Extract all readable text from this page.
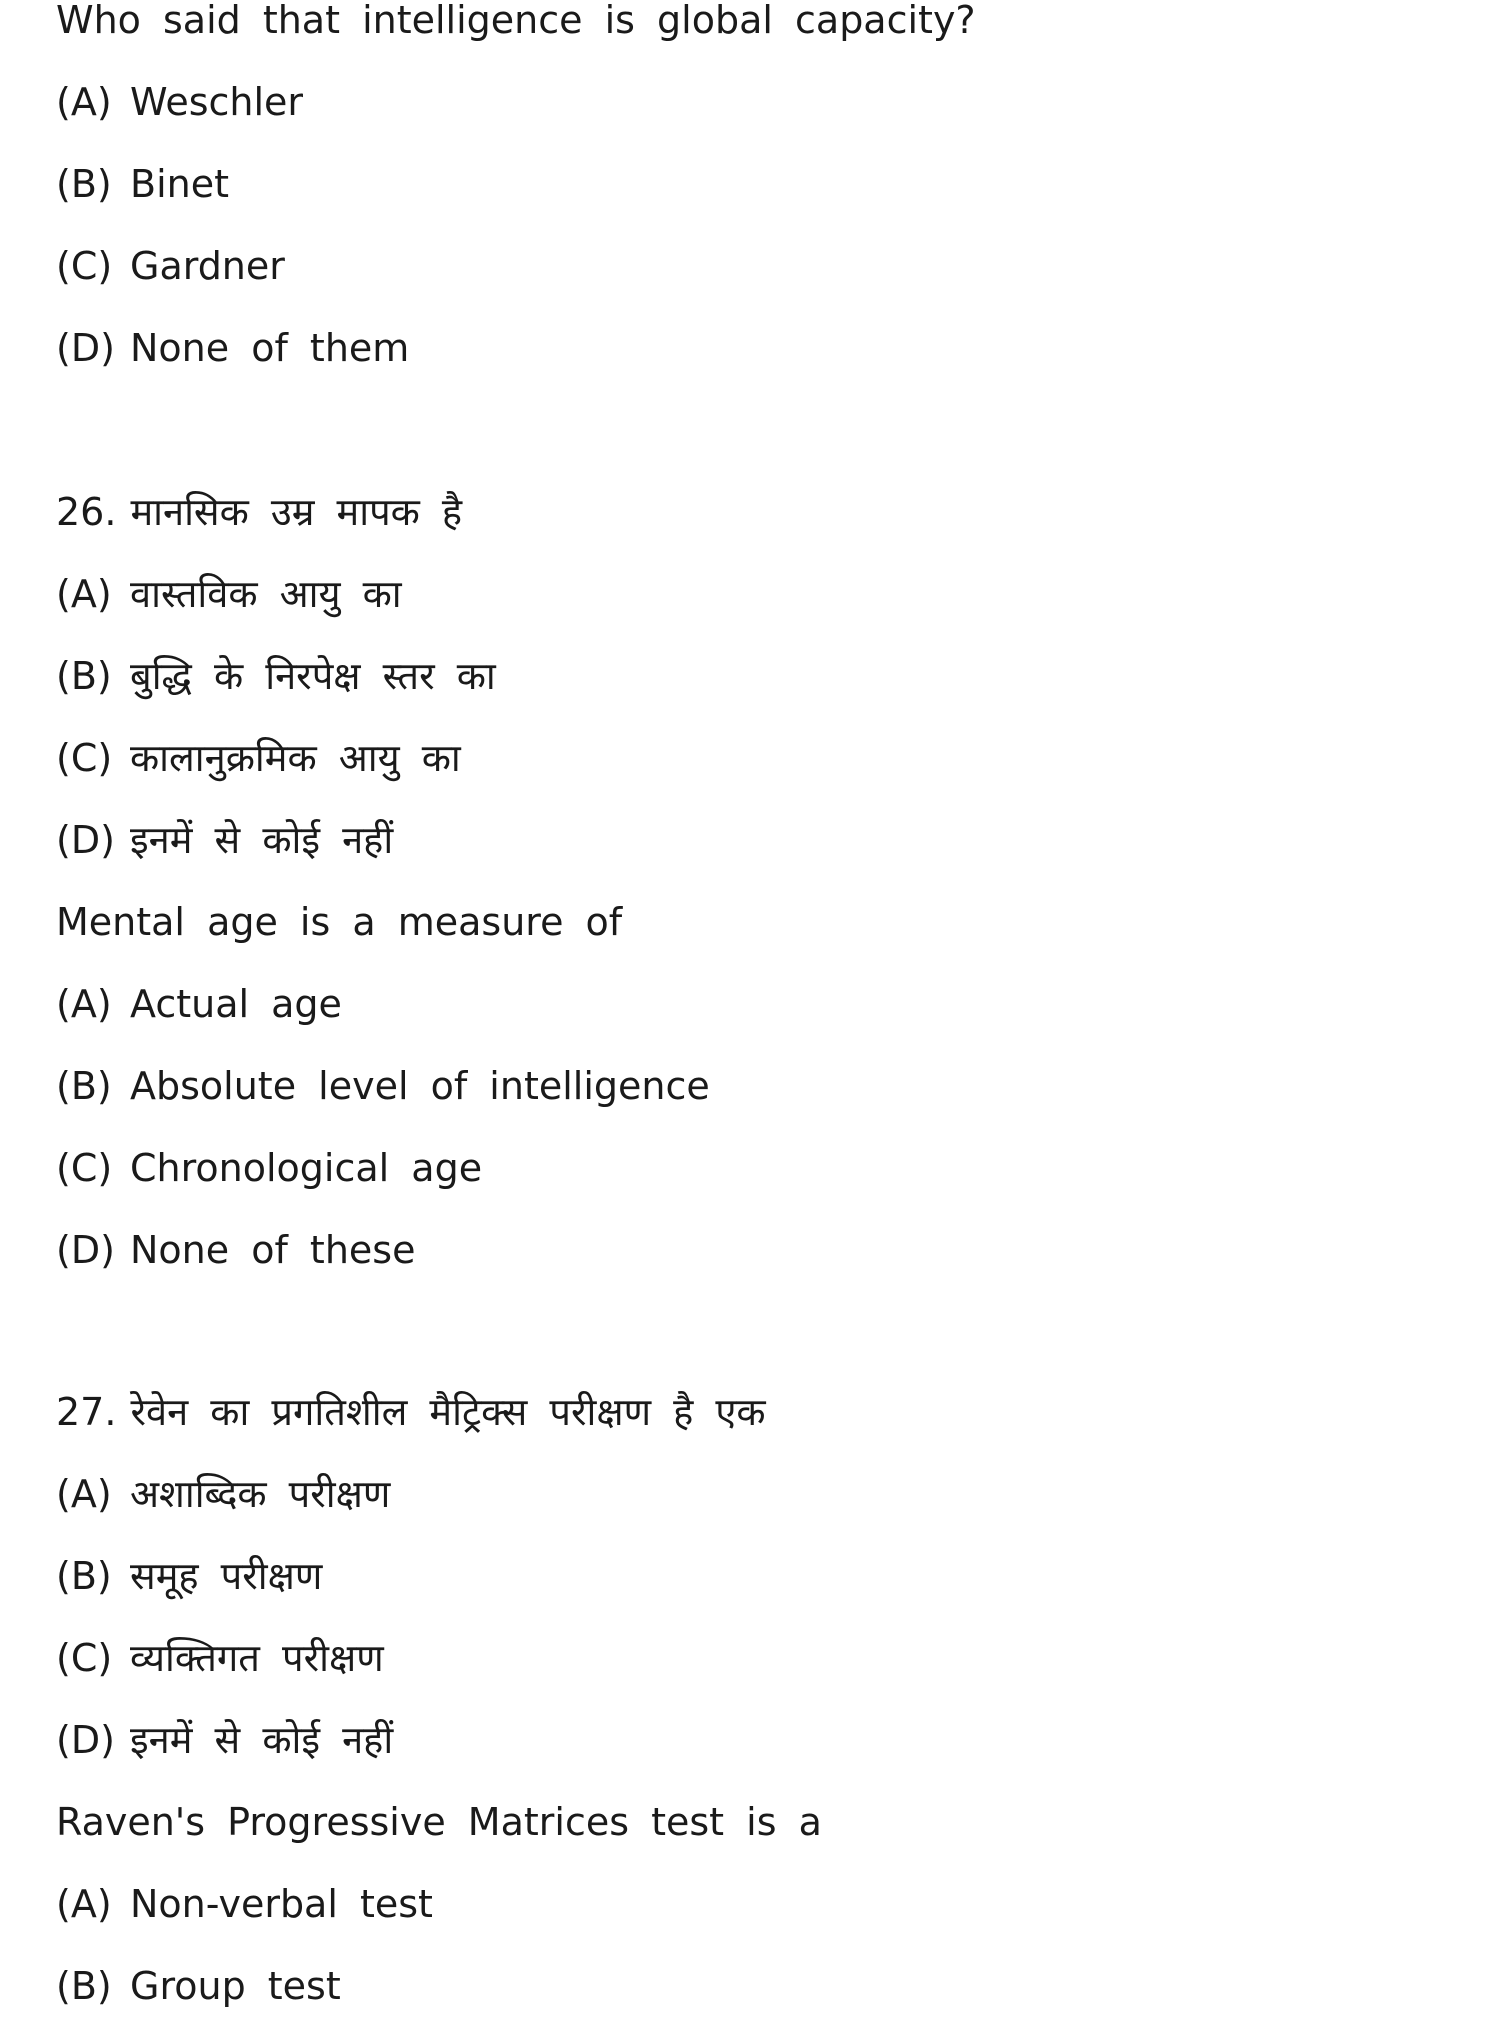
Who said that intelligence is global capacity?
(A) Weschler
(B) Binet
(C) Gardner
(D) None of them
26. मानसिक उम्र मापक है
(A) वास्तविक आयु का
(B) बुद्धि के निरपेक्ष स्तर का
(C) कालानुक्रमिक आयु का
(D) इनमें से कोई नहीं
Mental age is a measure of
(A) Actual age
(B) Absolute level of intelligence
(C) Chronological age
(D) None of these
27. रेवेन का प्रगतिशील मैट्रिक्स परीक्षण है एक
(A) अशाब्दिक परीक्षण
(B) समूह परीक्षण
(C) व्यक्तिगत परीक्षण
(D) इनमें से कोई नहीं
Raven's Progressive Matrices test is a
(A) Non-verbal test
(B) Group test
